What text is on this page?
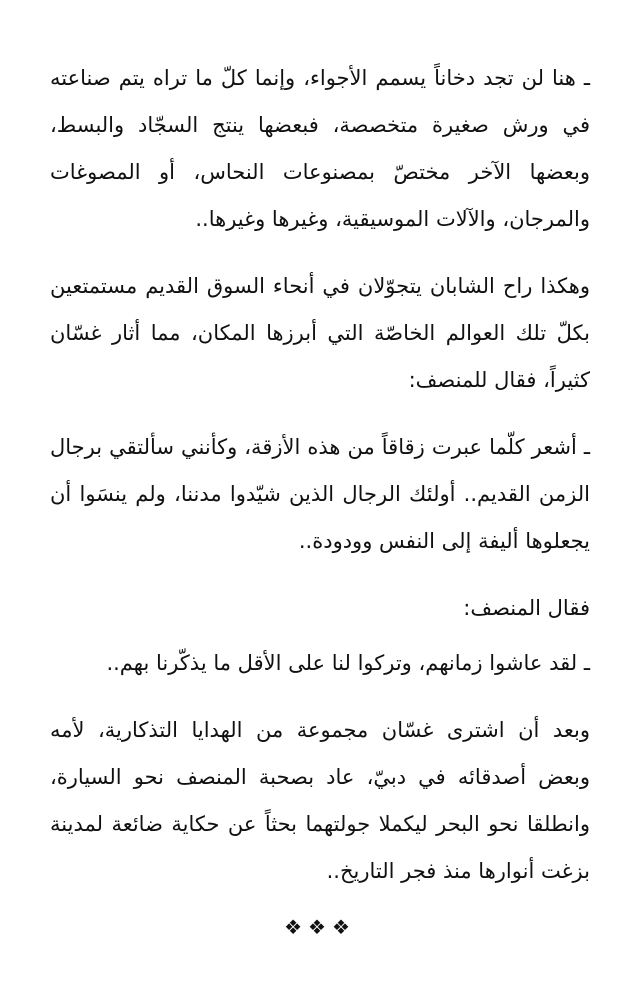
ـ هنا لن تجد دخاناً يسمم الأجواء، وإنما كلّ ما تراه يتم صناعته في ورش صغيرة متخصصة، فبعضها ينتج السجّاد والبسط، وبعضها الآخر مختصّ بمصنوعات النحاس، أو المصوغات والمرجان، والآلات الموسيقية، وغيرها وغيرها..

وهكذا راح الشابان يتجوّلان في أنحاء السوق القديم مستمتعين بكلّ تلك العوالم الخاصّة التي أبرزها المكان، مما أثار غسّان كثيراً، فقال للمنصف:

ـ أشعر كلّما عبرت زقاقاً من هذه الأزقة، وكأنني سألتقي برجال الزمن القديم.. أولئك الرجال الذين شيّدوا مدننا، ولم ينسَوا أن يجعلوها أليفة إلى النفس وودودة..

فقال المنصف:

ـ لقد عاشوا زمانهم، وتركوا لنا على الأقل ما يذكّرنا بهم..

وبعد أن اشترى غسّان مجموعة من الهدايا التذكارية، لأمه وبعض أصدقائه في دبيّ، عاد بصحبة المنصف نحو السيارة، وانطلقا نحو البحر ليكملا جولتهما بحثاً عن حكاية ضائعة لمدينة بزغت أنوارها منذ فجر التاريخ..

❖❖❖
